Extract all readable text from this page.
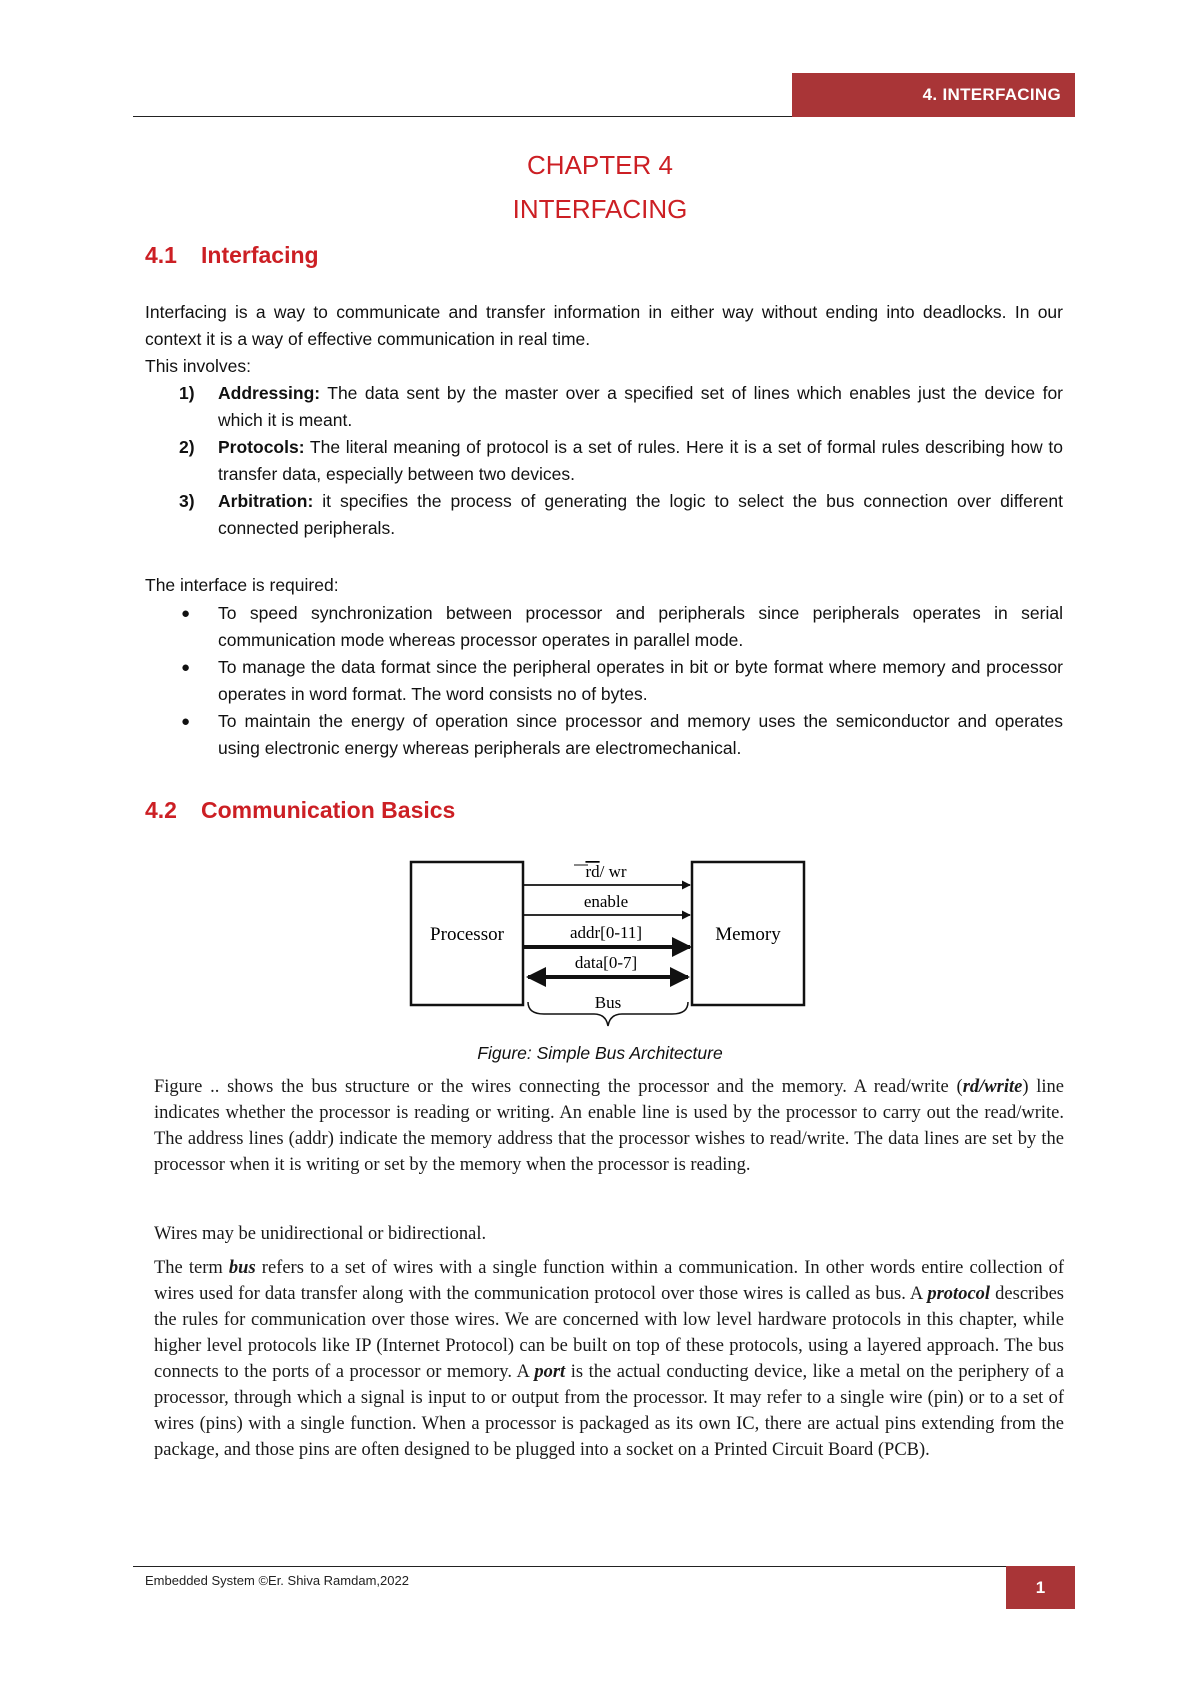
4. INTERFACING
CHAPTER 4
INTERFACING
4.1 Interfacing
Interfacing is a way to communicate and transfer information in either way without ending into deadlocks. In our context it is a way of effective communication in real time.
This involves:
1) Addressing: The data sent by the master over a specified set of lines which enables just the device for which it is meant.
2) Protocols: The literal meaning of protocol is a set of rules. Here it is a set of formal rules describing how to transfer data, especially between two devices.
3) Arbitration: it specifies the process of generating the logic to select the bus connection over different connected peripherals.
The interface is required:
● To speed synchronization between processor and peripherals since peripherals operates in serial communication mode whereas processor operates in parallel mode.
● To manage the data format since the peripheral operates in bit or byte format where memory and processor operates in word format. The word consists no of bytes.
● To maintain the energy of operation since processor and memory uses the semiconductor and operates using electronic energy whereas peripherals are electromechanical.
4.2 Communication Basics
Processor	Memory
rd/ wr
enable
addr[0-11]
data[0-7]
Bus
Figure: Simple Bus Architecture
Figure .. shows the bus structure or the wires connecting the processor and the memory. A read/write (rd/write) line indicates whether the processor is reading or writing. An enable line is used by the processor to carry out the read/write. The address lines (addr) indicate the memory address that the processor wishes to read/write. The data lines are set by the processor when it is writing or set by the memory when the processor is reading.
Wires may be unidirectional or bidirectional.
The term bus refers to a set of wires with a single function within a communication. In other words entire collection of wires used for data transfer along with the communication protocol over those wires is called as bus. A protocol describes the rules for communication over those wires. We are concerned with low level hardware protocols in this chapter, while higher level protocols like IP (Internet Protocol) can be built on top of these protocols, using a layered approach. The bus connects to the ports of a processor or memory. A port is the actual conducting device, like a metal on the periphery of a processor, through which a signal is input to or output from the processor. It may refer to a single wire (pin) or to a set of wires (pins) with a single function. When a processor is packaged as its own IC, there are actual pins extending from the package, and those pins are often designed to be plugged into a socket on a Printed Circuit Board (PCB).
Embedded System ©Er. Shiva Ramdam,2022	1
